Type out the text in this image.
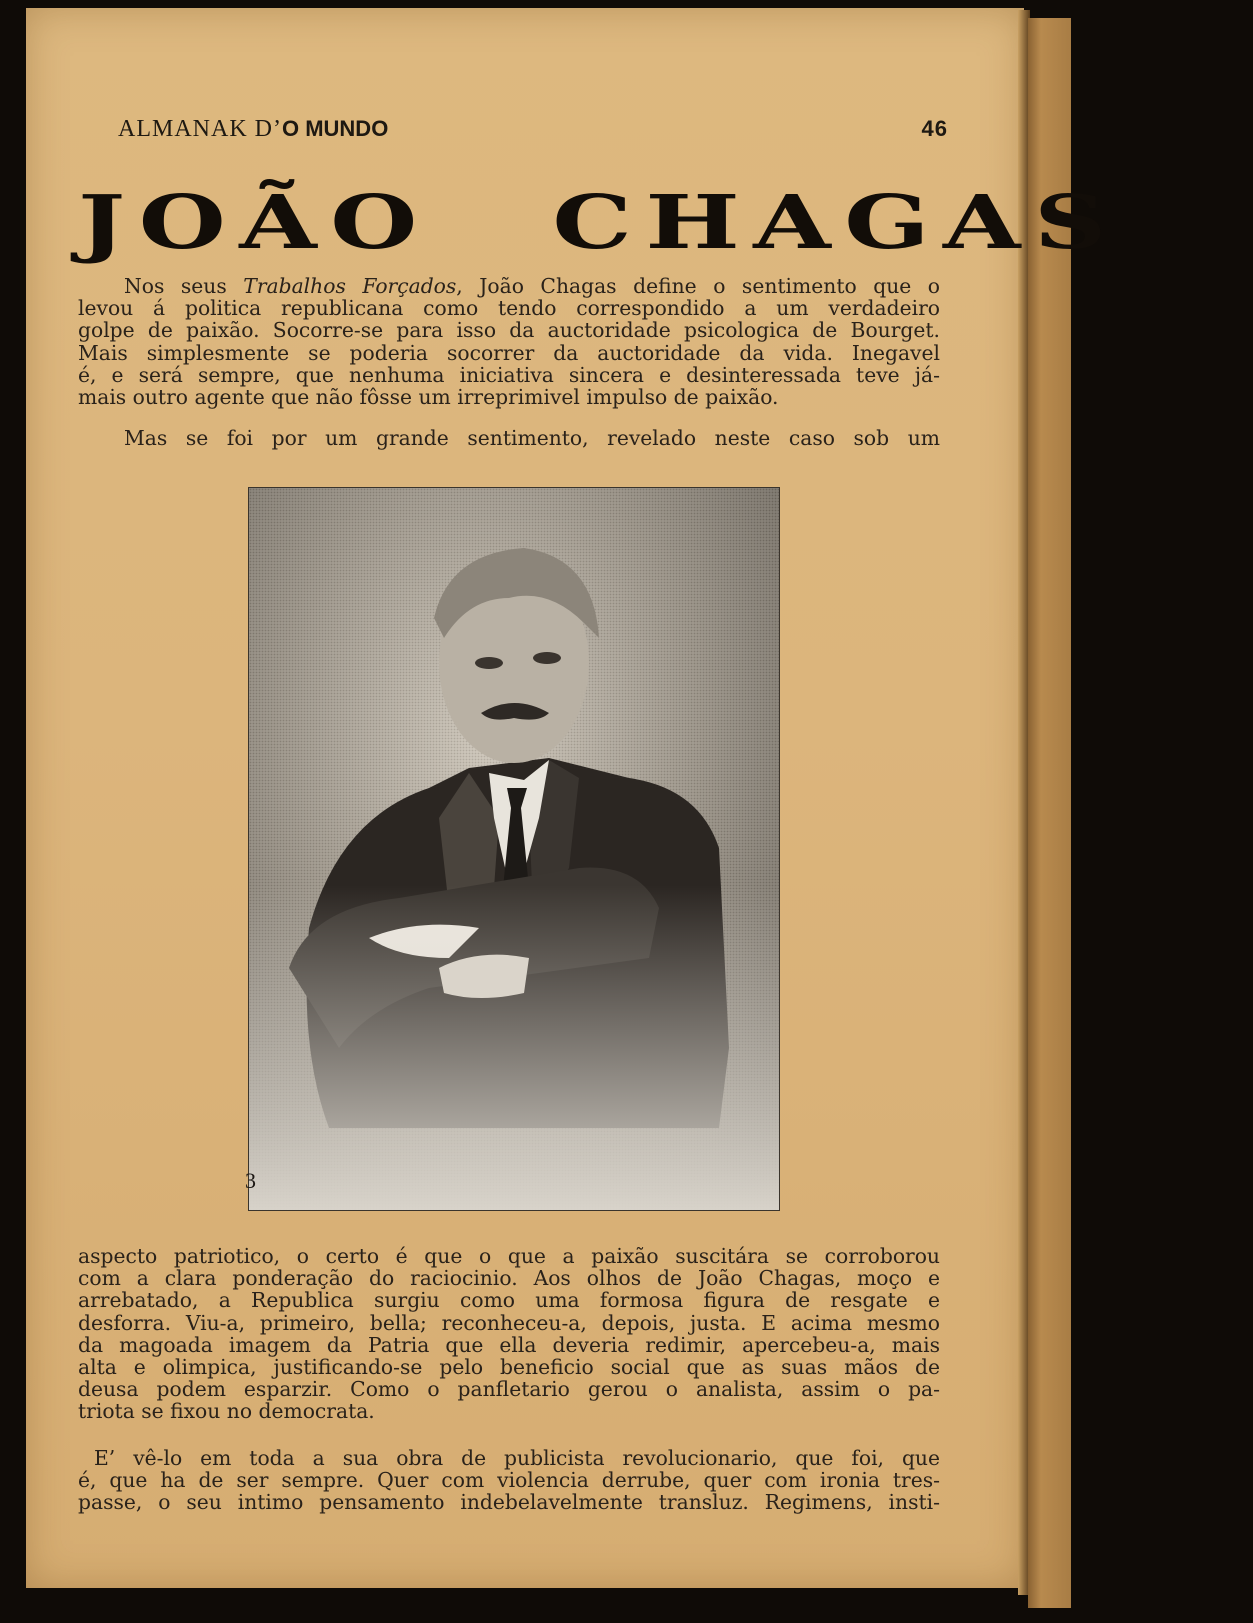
ALMANAK D’O MUNDO	46
JOÃO CHAGAS
Nos seus Trabalhos Forçados, João Chagas define o sentimento que o
levou á politica republicana como tendo correspondido a um verdadeiro
golpe de paixão. Socorre-se para isso da auctoridade psicologica de Bourget.
Mais simplesmente se poderia socorrer da auctoridade da vida. Inegavel
é, e será sempre, que nenhuma iniciativa sincera e desinteressada teve já-
mais outro agente que não fôsse um irreprimivel impulso de paixão.
Mas se foi por um grande sentimento, revelado neste caso sob um
3
aspecto patriotico, o certo é que o que a paixão suscitára se corroborou
com a clara ponderação do raciocinio. Aos olhos de João Chagas, moço e
arrebatado, a Republica surgiu como uma formosa figura de resgate e
desforra. Viu-a, primeiro, bella; reconheceu-a, depois, justa. E acima mesmo
da magoada imagem da Patria que ella deveria redimir, apercebeu-a, mais
alta e olimpica, justificando-se pelo beneficio social que as suas mãos de
deusa podem esparzir. Como o panfletario gerou o analista, assim o pa-
triota se fixou no democrata.
E’ vê-lo em toda a sua obra de publicista revolucionario, que foi, que
é, que ha de ser sempre. Quer com violencia derrube, quer com ironia tres-
passe, o seu intimo pensamento indebelavelmente transluz. Regimens, insti-
